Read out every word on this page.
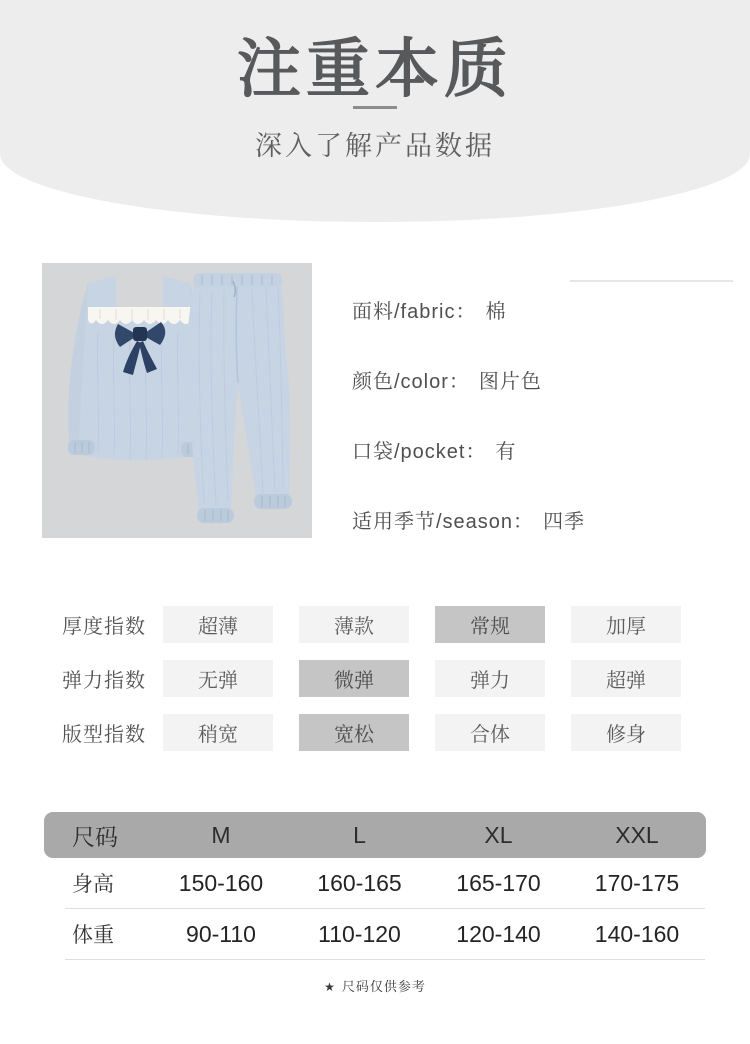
注重本质
深入了解产品数据
面料/fabric： 棉
颜色/color： 图片色
口袋/pocket： 有
适用季节/season： 四季
厚度指数	超薄	薄款	常规	加厚
弹力指数	无弹	微弹	弹力	超弹
版型指数	稍宽	宽松	合体	修身
尺码	M	L	XL	XXL
身高	150-160	160-165	165-170	170-175
体重	90-110	110-120	120-140	140-160
★ 尺码仅供参考
